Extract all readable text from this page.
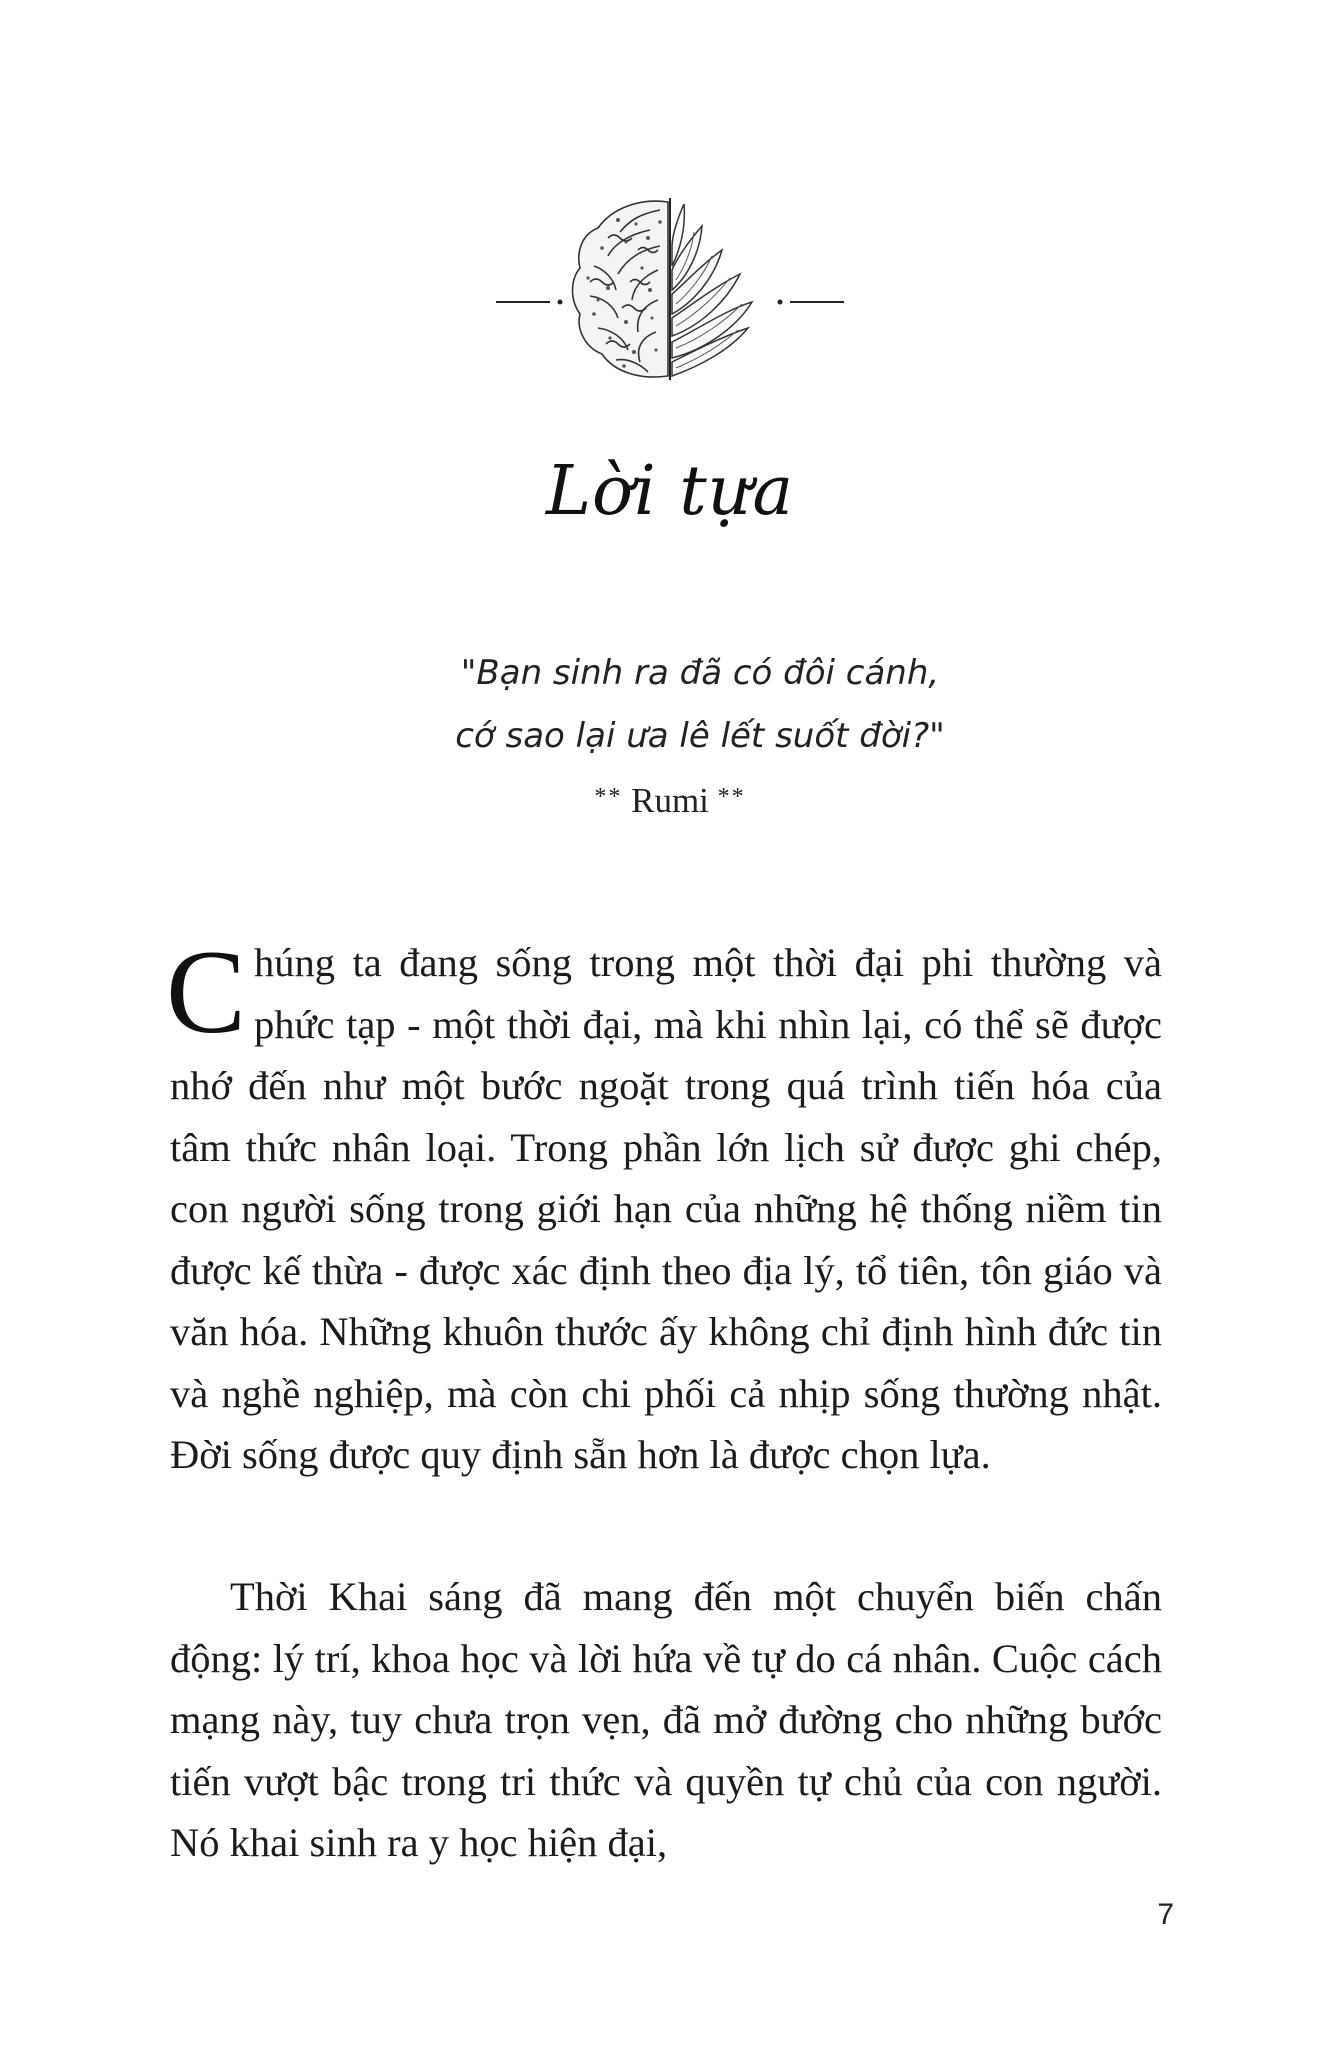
Lời tựa
"Bạn sinh ra đã có đôi cánh,
cớ sao lại ưa lê lết suốt đời?"
** Rumi **
Chúng ta đang sống trong một thời đại phi thường và phức tạp - một thời đại, mà khi nhìn lại, có thể sẽ được nhớ đến như một bước ngoặt trong quá trình tiến hóa của tâm thức nhân loại. Trong phần lớn lịch sử được ghi chép, con người sống trong giới hạn của những hệ thống niềm tin được kế thừa - được xác định theo địa lý, tổ tiên, tôn giáo và văn hóa. Những khuôn thước ấy không chỉ định hình đức tin và nghề nghiệp, mà còn chi phối cả nhịp sống thường nhật. Đời sống được quy định sẵn hơn là được chọn lựa.
Thời Khai sáng đã mang đến một chuyển biến chấn động: lý trí, khoa học và lời hứa về tự do cá nhân. Cuộc cách mạng này, tuy chưa trọn vẹn, đã mở đường cho những bước tiến vượt bậc trong tri thức và quyền tự chủ của con người. Nó khai sinh ra y học hiện đại,
7
